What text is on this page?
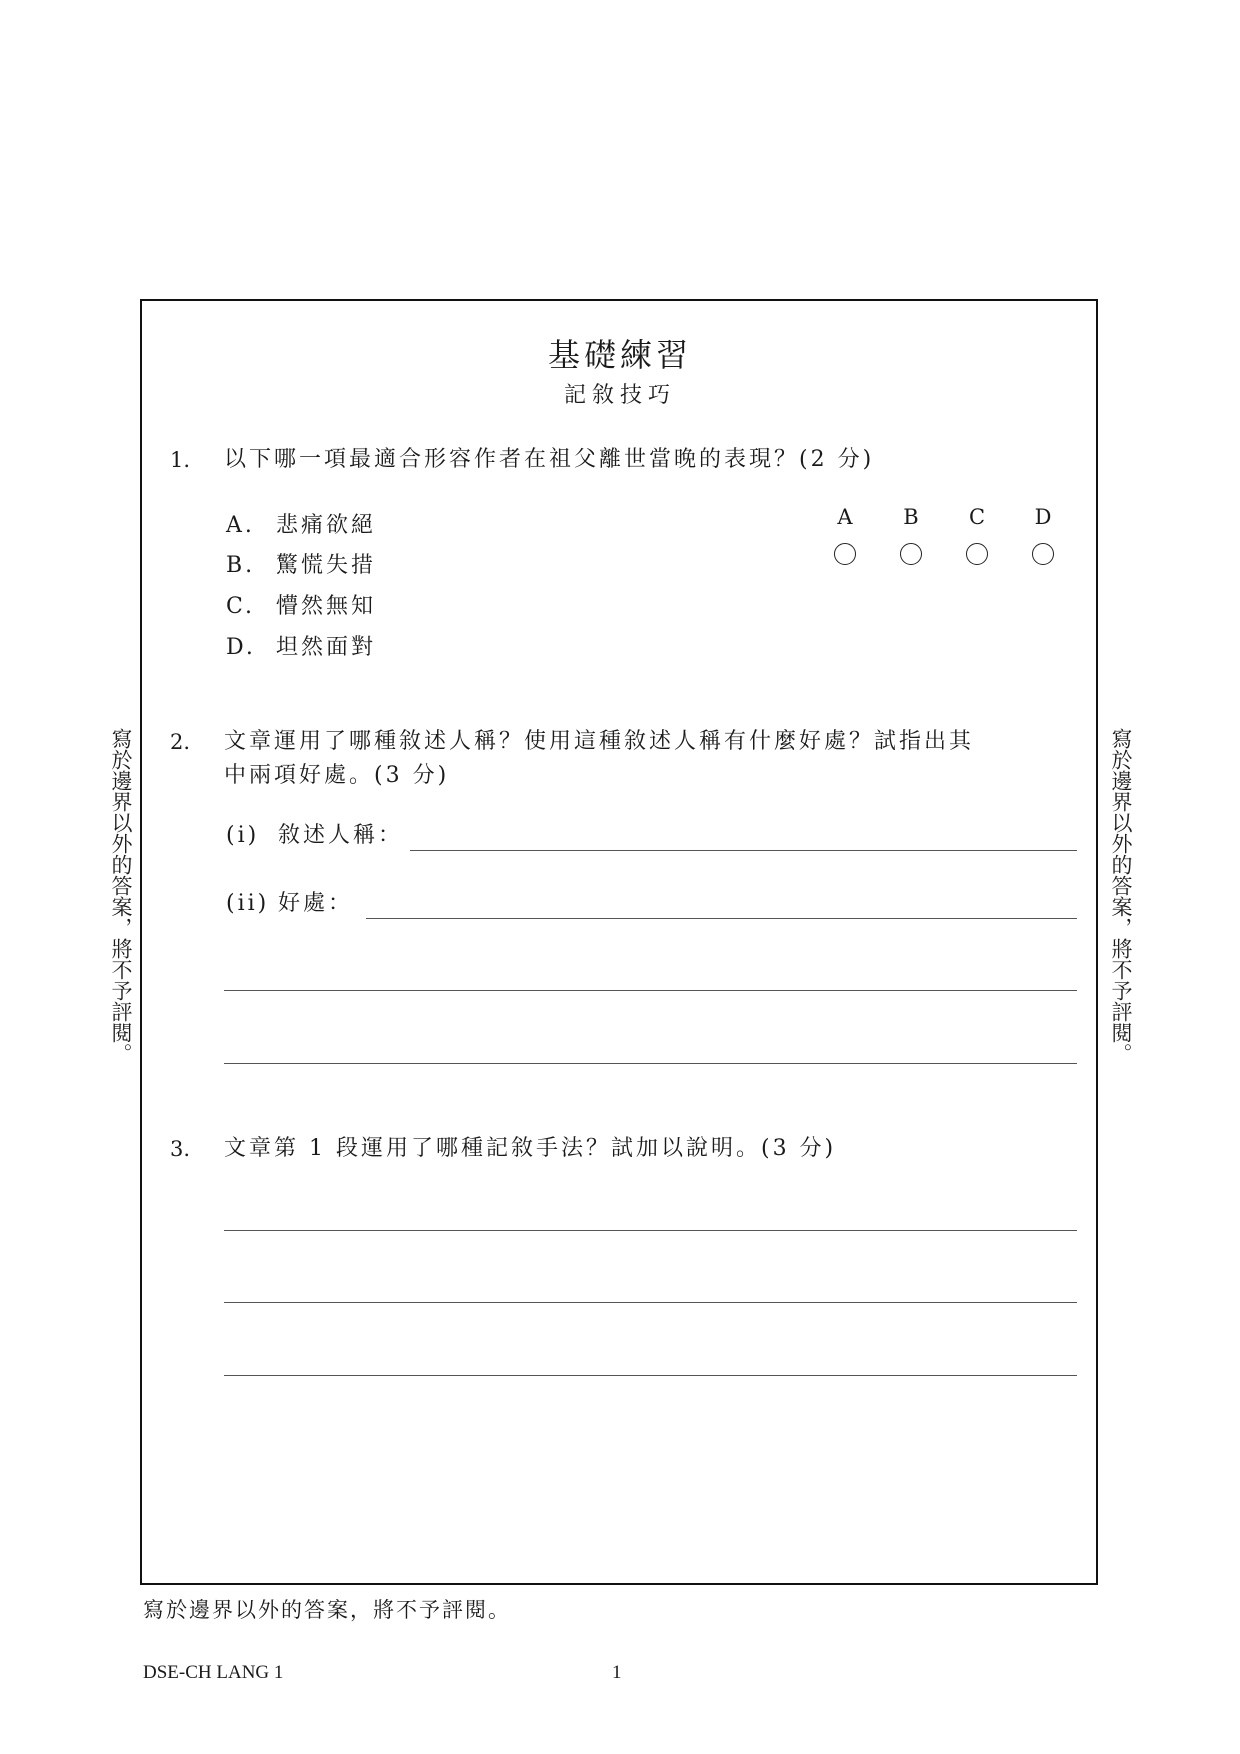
基礎練習
記敘技巧
1. 以下哪一項最適合形容作者在祖父離世當晚的表現？(2 分)
A. 悲痛欲絕
B. 驚慌失措
C. 懵然無知
D. 坦然面對
A	B	C	D
2. 文章運用了哪種敘述人稱？使用這種敘述人稱有什麼好處？試指出其
中兩項好處。(3 分)
(i) 敘述人稱：
(ii) 好處：
3. 文章第 1 段運用了哪種記敘手法？試加以說明。(3 分)
寫於邊界以外的答案，將不予評閱。	寫於邊界以外的答案，將不予評閱。
寫於邊界以外的答案，將不予評閱。
DSE-CH LANG 1	1
